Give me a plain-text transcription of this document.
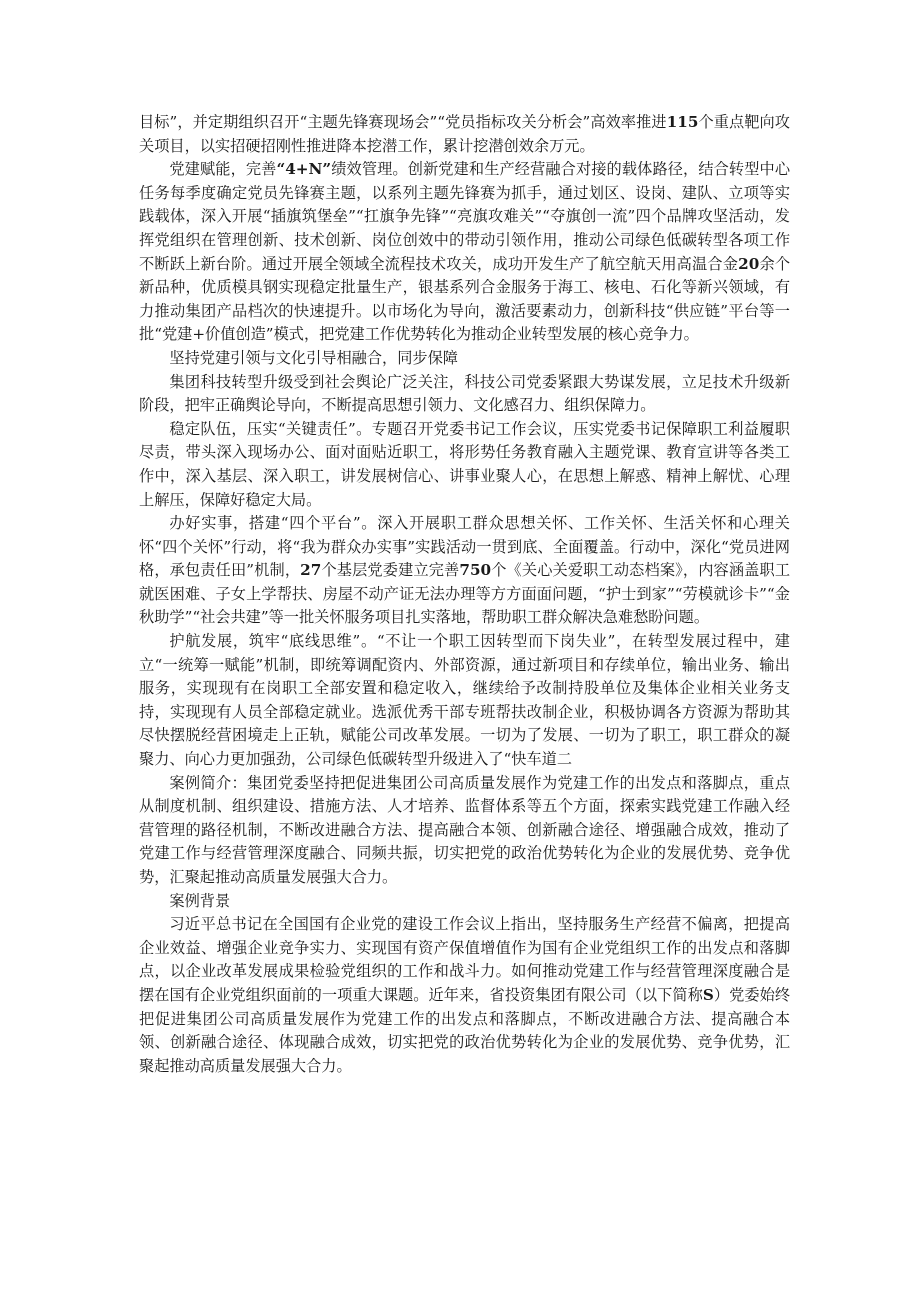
目标”，并定期组织召开“主题先锋赛现场会”“党员指标攻关分析会”高效率推进115个重点靶向攻关项目，以实招硬招刚性推进降本挖潜工作，累计挖潜创效余万元。

党建赋能，完善“4+N”绩效管理。创新党建和生产经营融合对接的载体路径，结合转型中心任务每季度确定党员先锋赛主题，以系列主题先锋赛为抓手，通过划区、设岗、建队、立项等实践载体，深入开展“插旗筑堡垒”“扛旗争先锋”“亮旗攻难关”“夺旗创一流”四个品牌攻坚活动，发挥党组织在管理创新、技术创新、岗位创效中的带动引领作用，推动公司绿色低碳转型各项工作不断跃上新台阶。通过开展全领域全流程技术攻关，成功开发生产了航空航天用高温合金20余个新品种，优质模具钢实现稳定批量生产，银基系列合金服务于海工、核电、石化等新兴领域，有力推动集团产品档次的快速提升。以市场化为导向，激活要素动力，创新科技“供应链”平台等一批“党建+价值创造”模式，把党建工作优势转化为推动企业转型发展的核心竞争力。

坚持党建引领与文化引导相融合，同步保障

集团科技转型升级受到社会舆论广泛关注，科技公司党委紧跟大势谋发展，立足技术升级新阶段，把牢正确舆论导向，不断提高思想引领力、文化感召力、组织保障力。

稳定队伍，压实“关键责任”。专题召开党委书记工作会议，压实党委书记保障职工利益履职尽责，带头深入现场办公、面对面贴近职工，将形势任务教育融入主题党课、教育宣讲等各类工作中，深入基层、深入职工，讲发展树信心、讲事业聚人心，在思想上解惑、精神上解忧、心理上解压，保障好稳定大局。

办好实事，搭建“四个平台”。深入开展职工群众思想关怀、工作关怀、生活关怀和心理关怀“四个关怀”行动，将“我为群众办实事”实践活动一贯到底、全面覆盖。行动中，深化“党员进网格，承包责任田”机制，27个基层党委建立完善750个《关心关爱职工动态档案》，内容涵盖职工就医困难、子女上学帮扶、房屋不动产证无法办理等方方面面问题，“护士到家”“劳模就诊卡”“金秋助学”“社会共建”等一批关怀服务项目扎实落地，帮助职工群众解决急难愁盼问题。

护航发展，筑牢“底线思维”。“不让一个职工因转型而下岗失业”，在转型发展过程中，建立“一统筹一赋能”机制，即统筹调配资内、外部资源，通过新项目和存续单位，输出业务、输出服务，实现现有在岗职工全部安置和稳定收入，继续给予改制持股单位及集体企业相关业务支持，实现现有人员全部稳定就业。选派优秀干部专班帮扶改制企业，积极协调各方资源为帮助其尽快摆脱经营困境走上正轨，赋能公司改革发展。一切为了发展、一切为了职工，职工群众的凝聚力、向心力更加强劲，公司绿色低碳转型升级进入了“快车道二

案例简介：集团党委坚持把促进集团公司高质量发展作为党建工作的出发点和落脚点，重点从制度机制、组织建设、措施方法、人才培养、监督体系等五个方面，探索实践党建工作融入经营管理的路径机制，不断改进融合方法、提高融合本领、创新融合途径、增强融合成效，推动了党建工作与经营管理深度融合、同频共振，切实把党的政治优势转化为企业的发展优势、竞争优势，汇聚起推动高质量发展强大合力。

案例背景

习近平总书记在全国国有企业党的建设工作会议上指出，坚持服务生产经营不偏离，把提高企业效益、增强企业竞争实力、实现国有资产保值增值作为国有企业党组织工作的出发点和落脚点，以企业改革发展成果检验党组织的工作和战斗力。如何推动党建工作与经营管理深度融合是摆在国有企业党组织面前的一项重大课题。近年来，省投资集团有限公司（以下简称S）党委始终把促进集团公司高质量发展作为党建工作的出发点和落脚点，不断改进融合方法、提高融合本领、创新融合途径、体现融合成效，切实把党的政治优势转化为企业的发展优势、竞争优势，汇聚起推动高质量发展强大合力。
